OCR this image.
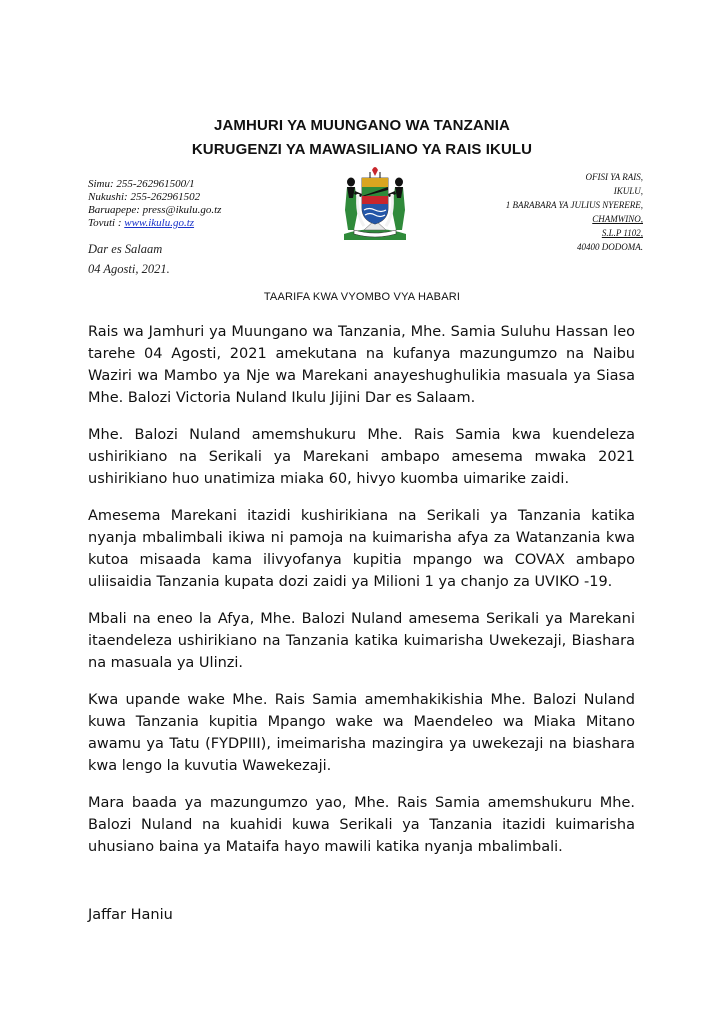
JAMHURI YA MUUNGANO WA TANZANIA
KURUGENZI YA MAWASILIANO YA RAIS IKULU
Simu: 255-262961500/1
Nukushi: 255-262961502
Baruapepe: press@ikulu.go.tz
Tovuti : www.ikulu.go.tz
OFISI YA RAIS,
IKULU,
1 BARABARA YA JULIUS NYERERE,
CHAMWINO,
S.L.P 1102,
40400 DODOMA.
Dar es Salaam
04 Agosti, 2021.
TAARIFA KWA VYOMBO VYA HABARI

Rais wa Jamhuri ya Muungano wa Tanzania, Mhe. Samia Suluhu Hassan leo tarehe 04 Agosti, 2021 amekutana na kufanya mazungumzo na Naibu Waziri wa Mambo ya Nje wa Marekani anayeshughulikia masuala ya Siasa Mhe. Balozi Victoria Nuland Ikulu Jijini Dar es Salaam.

Mhe. Balozi Nuland amemshukuru Mhe. Rais Samia kwa kuendeleza ushirikiano na Serikali ya Marekani ambapo amesema mwaka 2021 ushirikiano huo unatimiza miaka 60, hivyo kuomba uimarike zaidi.

Amesema Marekani itazidi kushirikiana na Serikali ya Tanzania katika nyanja mbalimbali ikiwa ni pamoja na kuimarisha afya za Watanzania kwa kutoa misaada kama ilivyofanya kupitia mpango wa COVAX ambapo uliisaidia Tanzania kupata dozi zaidi ya Milioni 1 ya chanjo za UVIKO -19.

Mbali na eneo la Afya, Mhe. Balozi Nuland amesema Serikali ya Marekani itaendeleza ushirikiano na Tanzania katika kuimarisha Uwekezaji, Biashara na masuala ya Ulinzi.

Kwa upande wake Mhe. Rais Samia amemhakikishia Mhe. Balozi Nuland kuwa Tanzania kupitia Mpango wake wa Maendeleo wa Miaka Mitano awamu ya Tatu (FYDPIII), imeimarisha mazingira ya uwekezaji na biashara kwa lengo la kuvutia Wawekezaji.

Mara baada ya mazungumzo yao, Mhe. Rais Samia amemshukuru Mhe. Balozi Nuland na kuahidi kuwa Serikali ya Tanzania itazidi kuimarisha uhusiano baina ya Mataifa hayo mawili katika nyanja mbalimbali.

Jaffar Haniu
